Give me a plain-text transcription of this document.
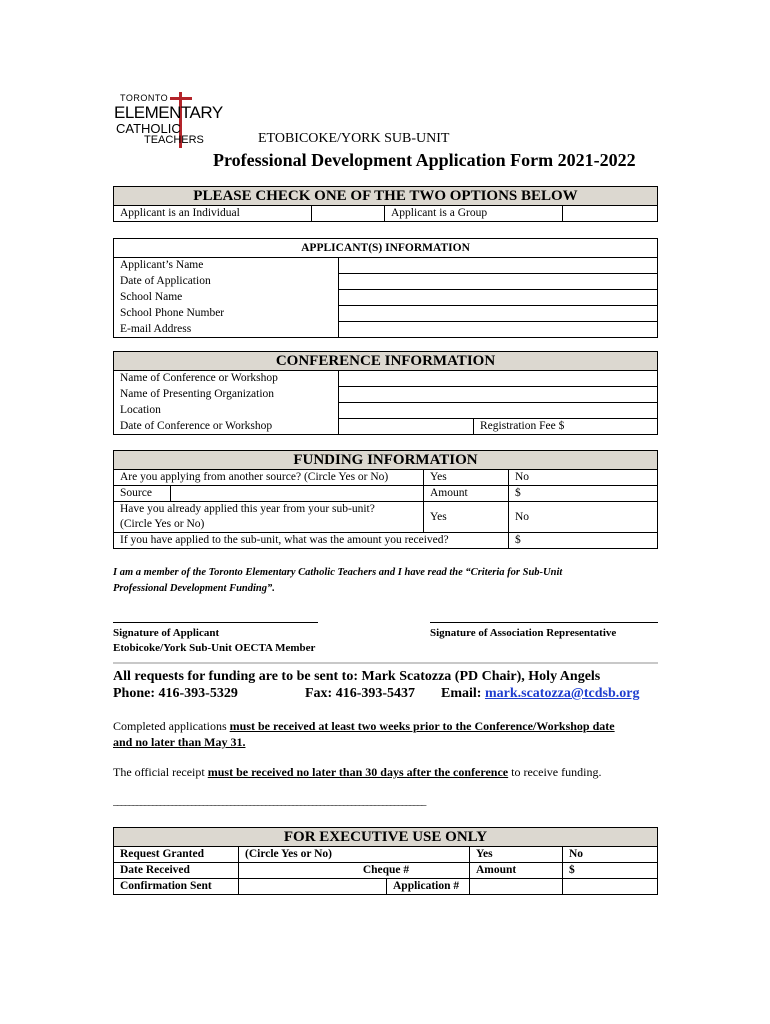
TORONTO
ELEMENTARY
CATHOLIC
TEACHERS	ETOBICOKE/YORK SUB-UNIT
Professional Development Application Form 2021-2022
PLEASE CHECK ONE OF THE TWO OPTIONS BELOW
Applicant is an Individual		Applicant is a Group	
APPLICANT(S) INFORMATION	
Applicant’s Name	
Date of Application	
School Name	
School Phone Number	
E-mail Address	
CONFERENCE INFORMATION		
Name of Conference or Workshop		
Name of Presenting Organization		
Location		
Date of Conference or Workshop		Registration Fee $
FUNDING INFORMATION			
Are you applying from another source? (Circle Yes or No)		Yes	No
Source		Amount	$
Have you already applied this year from your sub-unit?
(Circle Yes or No)		Yes	No
If you have applied to the sub-unit, what was the amount you received?			$
I am a member of the Toronto Elementary Catholic Teachers and I have read the “Criteria for Sub-Unit
Professional Development Funding”.
Signature of Applicant
Etobicoke/York Sub-Unit OECTA Member
Signature of Association Representative
All requests for funding are to be sent to: Mark Scatozza (PD Chair), Holy Angels
Phone: 416-393-5329	Fax: 416-393-5437 Email: mark.scatozza@tcdsb.org
Completed applications must be received at least two weeks prior to the Conference/Workshop date
and no later than May 31.
The official receipt must be received no later than 30 days after the conference to receive funding.
________________________________________________________________________________
FOR EXECUTIVE USE ONLY				
Request Granted	(Circle Yes or No)		Yes	No
Date Received	Cheque #		Amount	$
Confirmation Sent		Application #		
